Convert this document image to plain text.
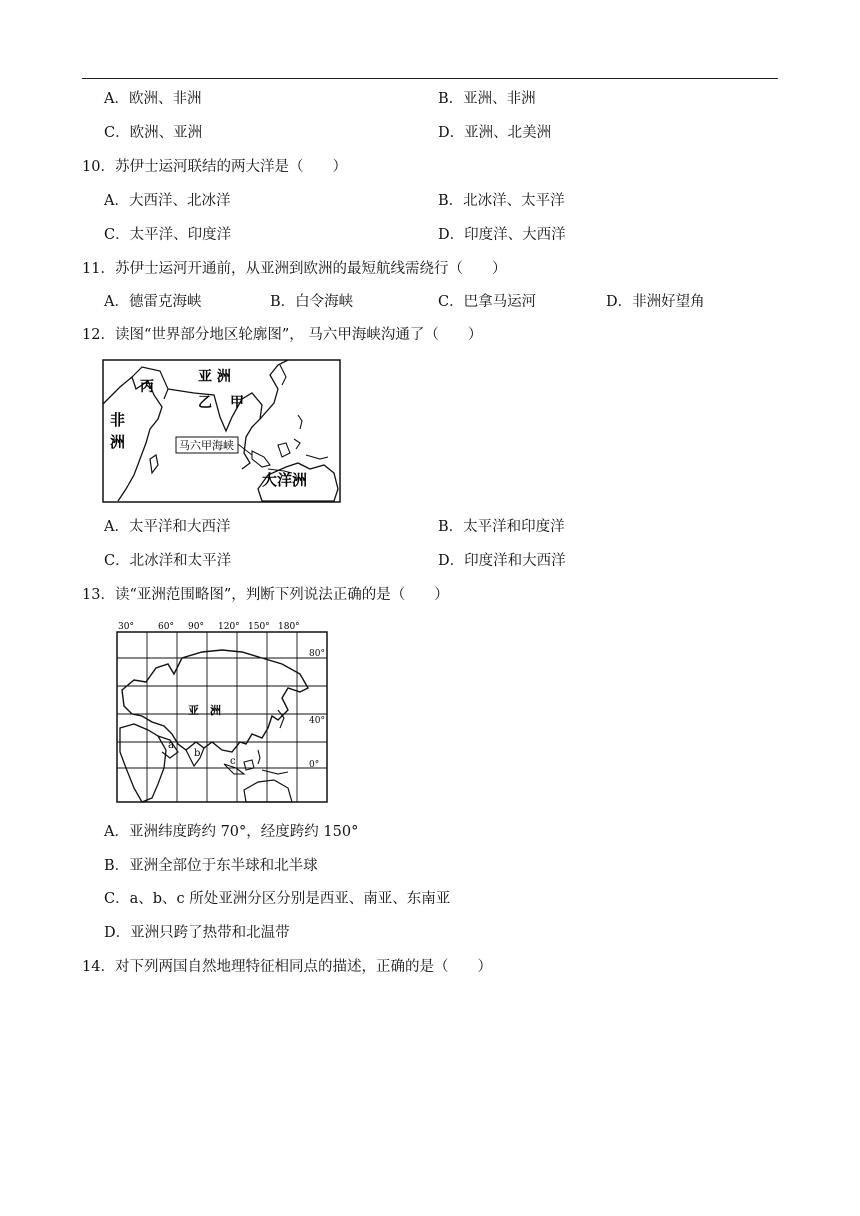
A．欧洲、非洲	B．亚洲、非洲
C．欧洲、亚洲	D．亚洲、北美洲
10．苏伊士运河联结的两大洋是（　　）
A．大西洋、北冰洋	B．北冰洋、太平洋
C．太平洋、印度洋	D．印度洋、大西洋
11．苏伊士运河开通前，从亚洲到欧洲的最短航线需绕行（　　）
A．德雷克海峡	B．白令海峡	C．巴拿马运河	D．非洲好望角
12．读图“世界部分地区轮廓图”， 马六甲海峡沟通了（　　）
马六甲海峡
丙
亚 洲
乙 甲
非
洲
大洋洲
A．太平洋和大西洋	B．太平洋和印度洋
C．北冰洋和太平洋	D．印度洋和大西洋
13．读“亚洲范围略图”，判断下列说法正确的是（　　）
30°	60° 90° 120° 150° 180°
80°
40°
0°
亚　洲
a
b
c
A．亚洲纬度跨约 70°，经度跨约 150°
B．亚洲全部位于东半球和北半球
C．a、b、c 所处亚洲分区分别是西亚、南亚、东南亚
D．亚洲只跨了热带和北温带
14．对下列两国自然地理特征相同点的描述，正确的是（　　）
